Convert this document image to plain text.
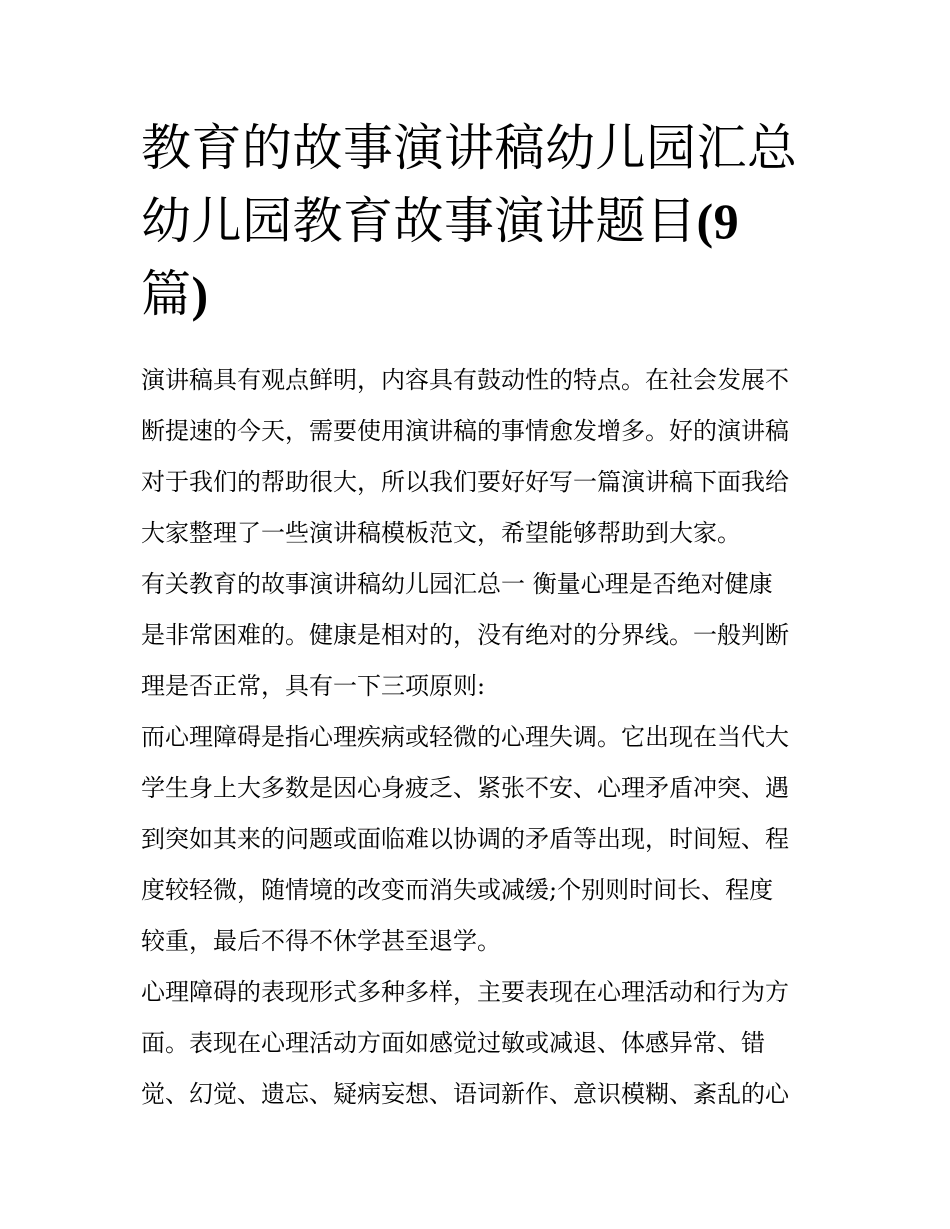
教育的故事演讲稿幼儿园汇总
幼儿园教育故事演讲题目(9
篇)
演讲稿具有观点鲜明，内容具有鼓动性的特点。在社会发展不
断提速的今天，需要使用演讲稿的事情愈发增多。好的演讲稿
对于我们的帮助很大，所以我们要好好写一篇演讲稿下面我给
大家整理了一些演讲稿模板范文，希望能够帮助到大家。
有关教育的故事演讲稿幼儿园汇总一 衡量心理是否绝对健康
是非常困难的。健康是相对的，没有绝对的分界线。一般判断
理是否正常，具有一下三项原则:
而心理障碍是指心理疾病或轻微的心理失调。它出现在当代大
学生身上大多数是因心身疲乏、紧张不安、心理矛盾冲突、遇
到突如其来的问题或面临难以协调的矛盾等出现，时间短、程
度较轻微，随情境的改变而消失或减缓;个别则时间长、程度
较重，最后不得不休学甚至退学。
心理障碍的表现形式多种多样，主要表现在心理活动和行为方
面。表现在心理活动方面如感觉过敏或减退、体感异常、错
觉、幻觉、遗忘、疑病妄想、语词新作、意识模糊、紊乱的心
